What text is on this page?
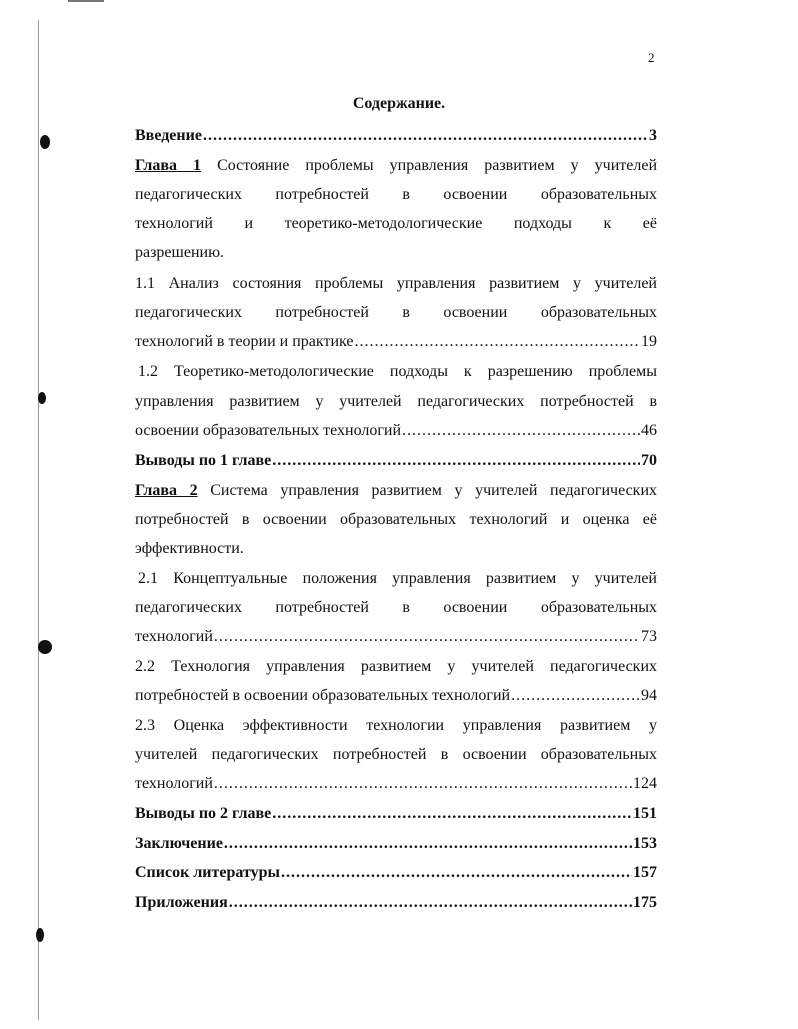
2
Содержание.
Введение .....	3
Глава 1 Состояние проблемы управления развитием у учителей
педагогических потребностей в освоении образовательных
технологий и теоретико-методологические подходы к её
разрешению.
1.1 Анализ состояния проблемы управления развитием у учителей
педагогических потребностей в освоении образовательных
технологий в теории и практике .....	19
1.2 Теоретико-методологические подходы к разрешению проблемы
управления развитием у учителей педагогических потребностей в
освоении образовательных технологий .....	46
Выводы по 1 главе .....	70
Глава 2 Система управления развитием у учителей педагогических
потребностей в освоении образовательных технологий и оценка её
эффективности.
2.1 Концептуальные положения управления развитием у учителей
педагогических потребностей в освоении образовательных
технологий .....	73
2.2 Технология управления развитием у учителей педагогических
потребностей в освоении образовательных технологий .....	94
2.3 Оценка эффективности технологии управления развитием у
учителей педагогических потребностей в освоении образовательных
технологий .....	124
Выводы по 2 главе .....	151
Заключение .....	153
Список литературы .....	157
Приложения .....	175
